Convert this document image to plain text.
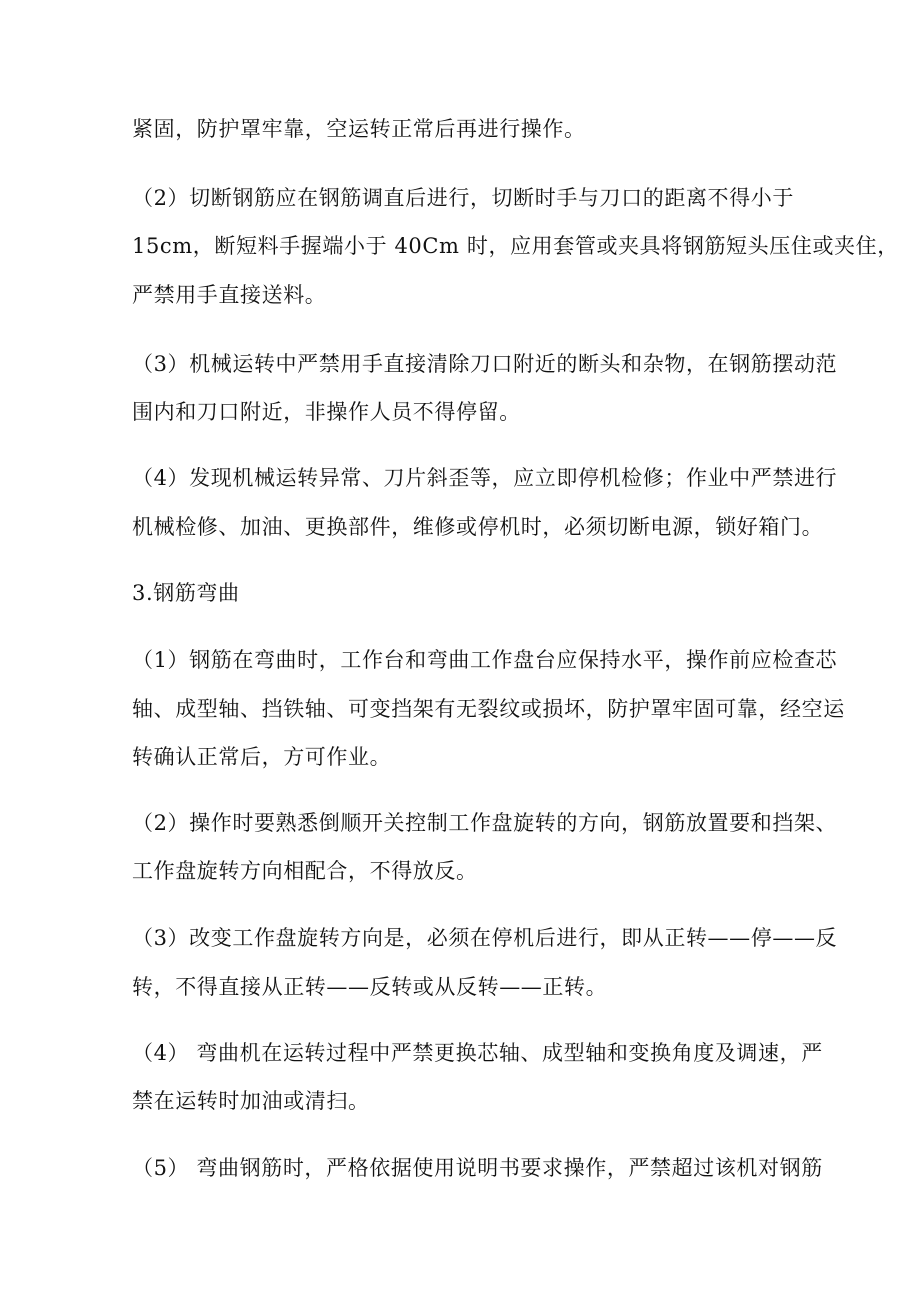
紧固，防护罩牢靠，空运转正常后再进行操作。
（2）切断钢筋应在钢筋调直后进行，切断时手与刀口的距离不得小于
15cm，断短料手握端小于 40Cm 时，应用套管或夹具将钢筋短头压住或夹住，
严禁用手直接送料。
（3）机械运转中严禁用手直接清除刀口附近的断头和杂物，在钢筋摆动范
围内和刀口附近，非操作人员不得停留。
（4）发现机械运转异常、刀片斜歪等，应立即停机检修；作业中严禁进行
机械检修、加油、更换部件，维修或停机时，必须切断电源，锁好箱门。
3.钢筋弯曲
（1）钢筋在弯曲时，工作台和弯曲工作盘台应保持水平，操作前应检查芯
轴、成型轴、挡铁轴、可变挡架有无裂纹或损坏，防护罩牢固可靠，经空运
转确认正常后，方可作业。
（2）操作时要熟悉倒顺开关控制工作盘旋转的方向，钢筋放置要和挡架、
工作盘旋转方向相配合，不得放反。
（3）改变工作盘旋转方向是，必须在停机后进行，即从正转——停——反
转，不得直接从正转——反转或从反转——正转。
（4） 弯曲机在运转过程中严禁更换芯轴、成型轴和变换角度及调速，严
禁在运转时加油或清扫。
（5） 弯曲钢筋时，严格依据使用说明书要求操作，严禁超过该机对钢筋
